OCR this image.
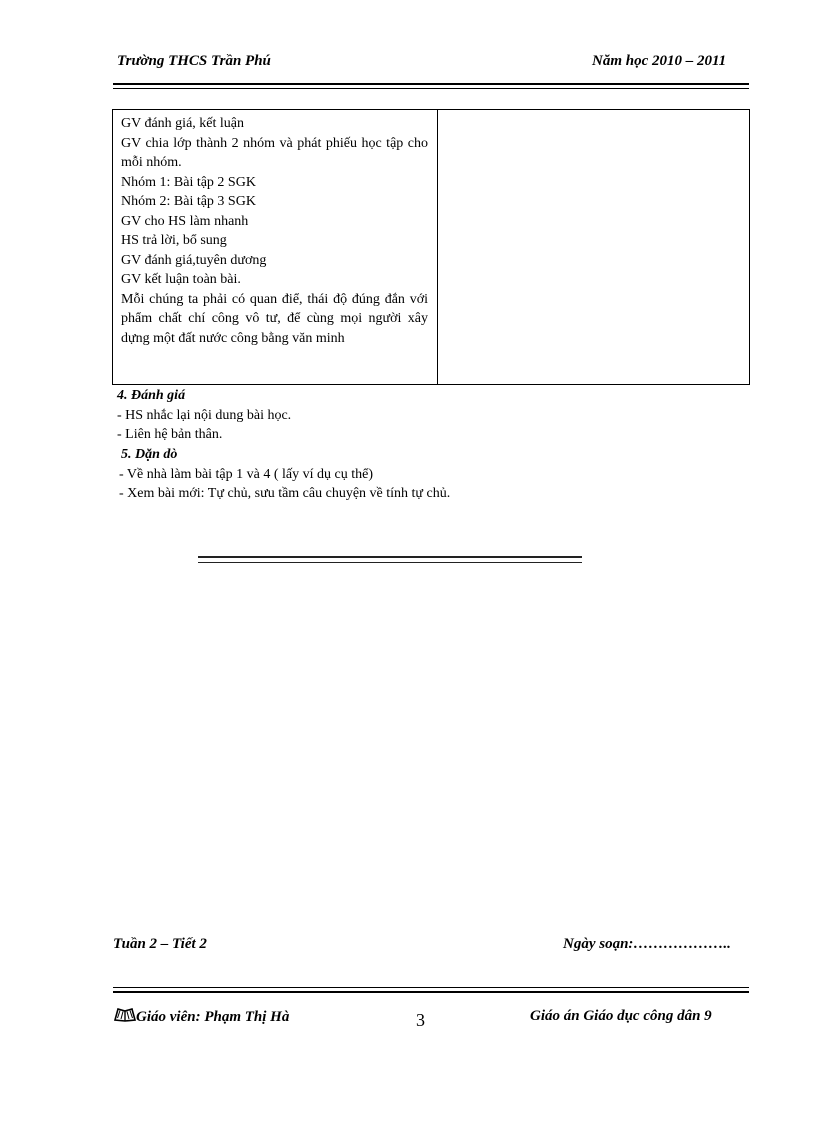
Trường THCS Trần Phú	Năm học 2010 – 2011
GV đánh giá, kết luận
GV chia lớp thành 2 nhóm và phát phiếu học tập cho mỗi nhóm.
Nhóm 1: Bài tập 2 SGK
Nhóm 2: Bài tập 3 SGK
GV cho HS làm nhanh
HS trả lời, bổ sung
GV đánh giá,tuyên dương
GV kết luận toàn bài.
Mỗi chúng ta phải có quan điể, thái độ đúng đắn với phẩm chất chí công vô tư, để cùng mọi người xây dựng một đất nước công bằng văn minh

4. Đánh giá
- HS nhắc lại nội dung bài học.
- Liên hệ bản thân.
5. Dặn dò
- Về nhà làm bài tập 1 và 4 ( lấy ví dụ cụ thể)
- Xem bài mới: Tự chủ, sưu tầm câu chuyện về tính tự chủ.
Tuần 2 – Tiết 2	Ngày soạn:………………..
Giáo viên: Phạm Thị Hà	3	Giáo án Giáo dục công dân 9
